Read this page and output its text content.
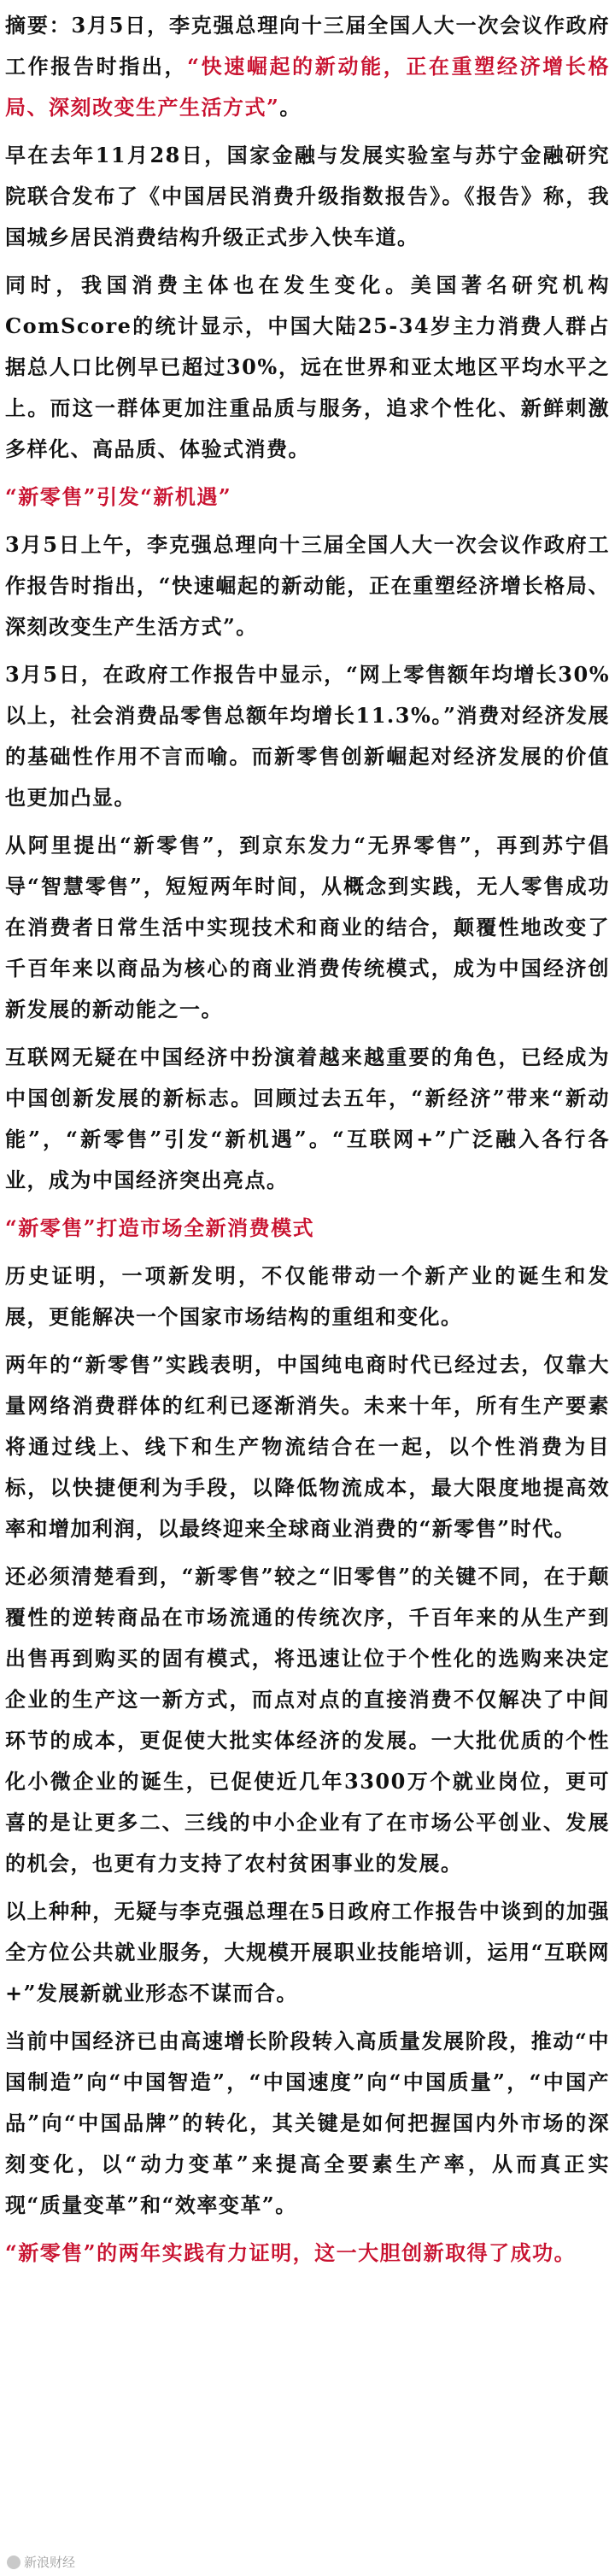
摘要：3月5日，李克强总理向十三届全国人大一次会议作政府工作报告时指出，“快速崛起的新动能，正在重塑经济增长格局、深刻改变生产生活方式”。

早在去年11月28日，国家金融与发展实验室与苏宁金融研究院联合发布了《中国居民消费升级指数报告》。《报告》称，我国城乡居民消费结构升级正式步入快车道。

同时，我国消费主体也在发生变化。美国著名研究机构ComScore的统计显示，中国大陆25-34岁主力消费人群占据总人口比例早已超过30%，远在世界和亚太地区平均水平之上。而这一群体更加注重品质与服务，追求个性化、新鲜刺激多样化、高品质、体验式消费。

“新零售”引发“新机遇”

3月5日上午，李克强总理向十三届全国人大一次会议作政府工作报告时指出，“快速崛起的新动能，正在重塑经济增长格局、深刻改变生产生活方式”。

3月5日，在政府工作报告中显示，“网上零售额年均增长30%以上，社会消费品零售总额年均增长11.3%。”消费对经济发展的基础性作用不言而喻。而新零售创新崛起对经济发展的价值也更加凸显。

从阿里提出“新零售”，到京东发力“无界零售”，再到苏宁倡导“智慧零售”，短短两年时间，从概念到实践，无人零售成功在消费者日常生活中实现技术和商业的结合，颠覆性地改变了千百年来以商品为核心的商业消费传统模式，成为中国经济创新发展的新动能之一。

互联网无疑在中国经济中扮演着越来越重要的角色，已经成为中国创新发展的新标志。回顾过去五年，“新经济”带来“新动能”，“新零售”引发“新机遇”。“互联网+”广泛融入各行各业，成为中国经济突出亮点。

“新零售”打造市场全新消费模式

历史证明，一项新发明，不仅能带动一个新产业的诞生和发展，更能解决一个国家市场结构的重组和变化。

两年的“新零售”实践表明，中国纯电商时代已经过去，仅靠大量网络消费群体的红利已逐渐消失。未来十年，所有生产要素将通过线上、线下和生产物流结合在一起，以个性消费为目标，以快捷便利为手段，以降低物流成本，最大限度地提高效率和增加利润，以最终迎来全球商业消费的“新零售”时代。

还必须清楚看到，“新零售”较之“旧零售”的关键不同，在于颠覆性的逆转商品在市场流通的传统次序，千百年来的从生产到出售再到购买的固有模式，将迅速让位于个性化的选购来决定企业的生产这一新方式，而点对点的直接消费不仅解决了中间环节的成本，更促使大批实体经济的发展。一大批优质的个性化小微企业的诞生，已促使近几年3300万个就业岗位，更可喜的是让更多二、三线的中小企业有了在市场公平创业、发展的机会，也更有力支持了农村贫困事业的发展。

以上种种，无疑与李克强总理在5日政府工作报告中谈到的加强全方位公共就业服务，大规模开展职业技能培训，运用“互联网+”发展新就业形态不谋而合。

当前中国经济已由高速增长阶段转入高质量发展阶段，推动“中国制造”向“中国智造”，“中国速度”向“中国质量”，“中国产品”向“中国品牌”的转化，其关键是如何把握国内外市场的深刻变化，以“动力变革”来提高全要素生产率，从而真正实现“质量变革”和“效率变革”。

“新零售”的两年实践有力证明，这一大胆创新取得了成功。

新浪财经
